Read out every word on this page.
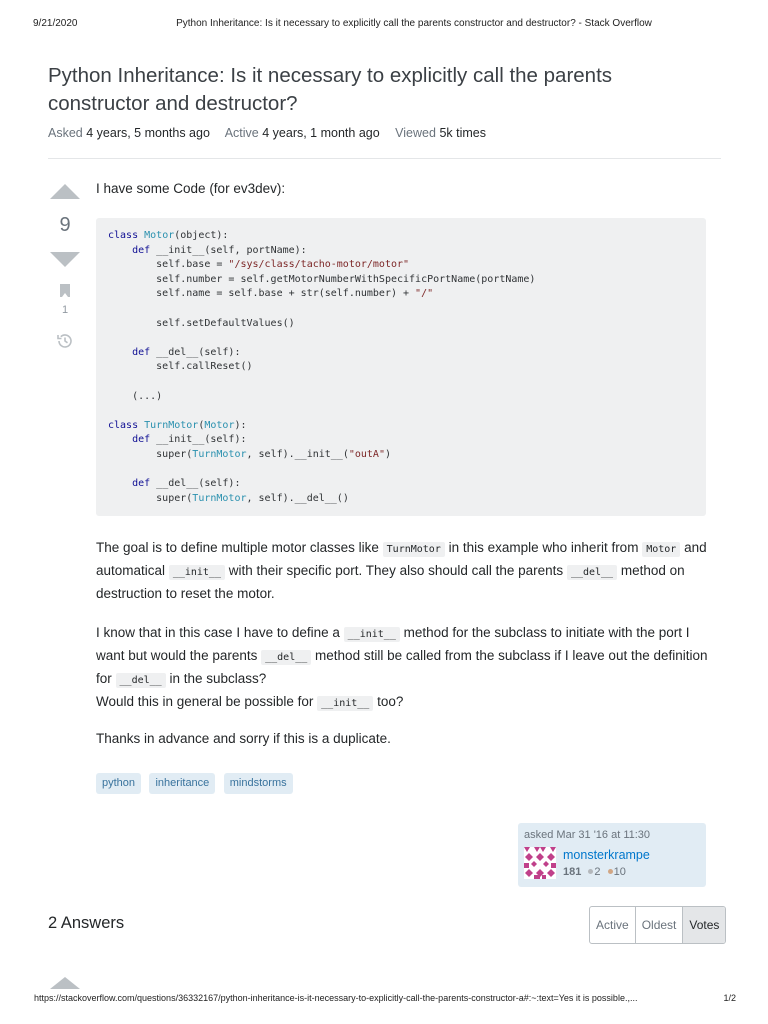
9/21/2020	Python Inheritance: Is it necessary to explicitly call the parents constructor and destructor? - Stack Overflow
Python Inheritance: Is it necessary to explicitly call the parents constructor and destructor?
Asked 4 years, 5 months ago Active 4 years, 1 month ago Viewed 5k times
9
1

I have some Code (for ev3dev):

class Motor(object):
def __init__(self, portName):
self.base = "/sys/class/tacho-motor/motor"
self.number = self.getMotorNumberWithSpecificPortName(portName)
self.name = self.base + str(self.number) + "/"

self.setDefaultValues()

def __del__(self):
self.callReset()

(...)

class TurnMotor(Motor):
def __init__(self):
super(TurnMotor, self).__init__("outA")

def __del__(self):
super(TurnMotor, self).__del__()
The goal is to define multiple motor classes like TurnMotor in this example who inherit from Motor and automatical __init__ with their specific port. They also should call the parents __del__ method on destruction to reset the motor.
I know that in this case I have to define a __init__ method for the subclass to initiate with the port I want but would the parents __del__ method still be called from the subclass if I leave out the definition for __del__ in the subclass?
Would this in general be possible for __init__ too?
Thanks in advance and sorry if this is a duplicate.
python inheritance mindstorms
asked Mar 31 '16 at 11:30
monsterkrampe
181 2 10
2 Answers	Active	Oldest	Votes
https://stackoverflow.com/questions/36332167/python-inheritance-is-it-necessary-to-explicitly-call-the-parents-constructor-a#:~:text=Yes it is possible.,...	1/2
